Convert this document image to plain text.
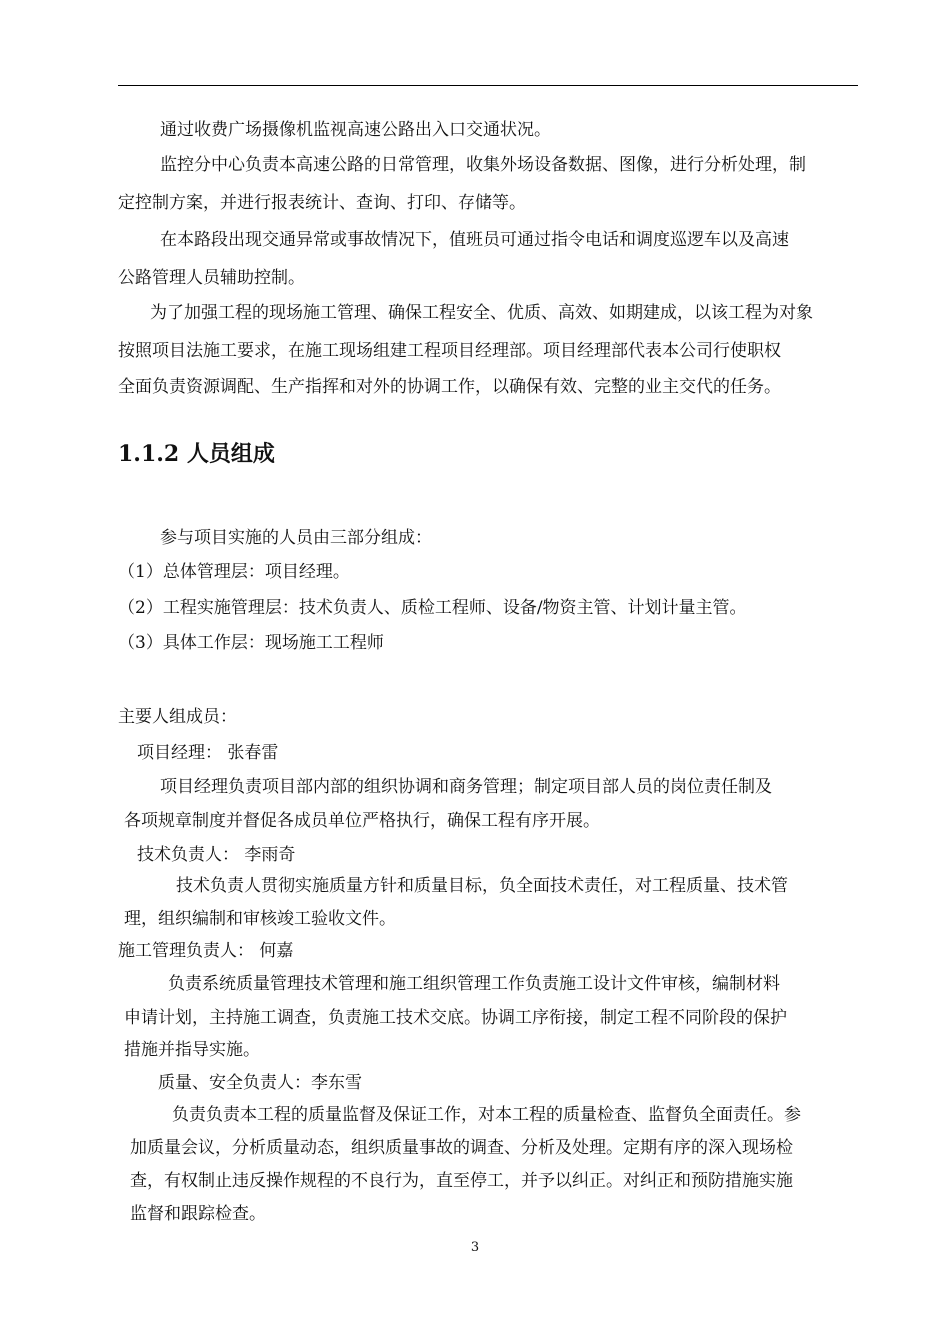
通过收费广场摄像机监视高速公路出入口交通状况。
监控分中心负责本高速公路的日常管理，收集外场设备数据、图像，进行分析处理，制
定控制方案，并进行报表统计、查询、打印、存储等。
在本路段出现交通异常或事故情况下，值班员可通过指令电话和调度巡逻车以及高速
公路管理人员辅助控制。
为了加强工程的现场施工管理、确保工程安全、优质、高效、如期建成，以该工程为对象
按照项目法施工要求，在施工现场组建工程项目经理部。项目经理部代表本公司行使职权
全面负责资源调配、生产指挥和对外的协调工作，以确保有效、完整的业主交代的任务。
1.1.2 人员组成
参与项目实施的人员由三部分组成：
（1）总体管理层：项目经理。
（2）工程实施管理层：技术负责人、质检工程师、设备/物资主管、计划计量主管。
（3）具体工作层：现场施工工程师
主要人组成员：
项目经理： 张春雷
项目经理负责项目部内部的组织协调和商务管理；制定项目部人员的岗位责任制及
各项规章制度并督促各成员单位严格执行，确保工程有序开展。
技术负责人： 李雨奇
技术负责人贯彻实施质量方针和质量目标，负全面技术责任，对工程质量、技术管
理，组织编制和审核竣工验收文件。
施工管理负责人： 何嘉
负责系统质量管理技术管理和施工组织管理工作负责施工设计文件审核，编制材料
申请计划，主持施工调查，负责施工技术交底。协调工序衔接，制定工程不同阶段的保护
措施并指导实施。
质量、安全负责人：李东雪
负责负责本工程的质量监督及保证工作，对本工程的质量检查、监督负全面责任。参
加质量会议，分析质量动态，组织质量事故的调查、分析及处理。定期有序的深入现场检
查，有权制止违反操作规程的不良行为，直至停工，并予以纠正。对纠正和预防措施实施
监督和跟踪检查。
3
